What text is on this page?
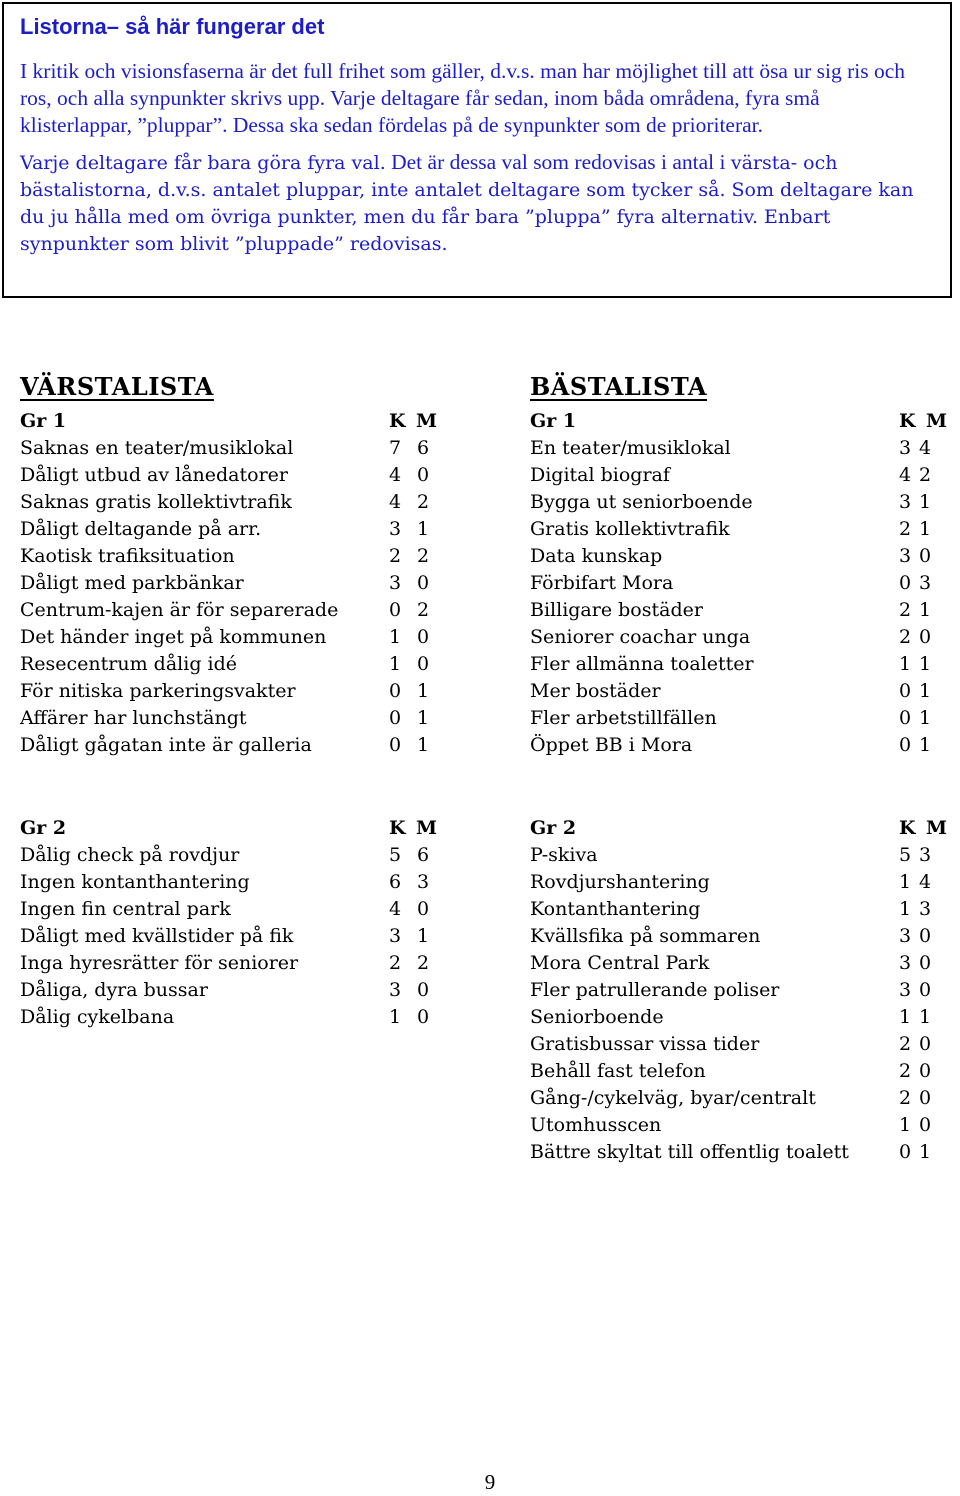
Listorna– så här fungerar det

I kritik och visionsfaserna är det full frihet som gäller, d.v.s. man har möjlighet till att ösa ur sig ris och ros, och alla synpunkter skrivs upp. Varje deltagare får sedan, inom båda områdena, fyra små klisterlappar, ”pluppar”. Dessa ska sedan fördelas på de synpunkter som de prioriterar.

Varje deltagare får bara göra fyra val. Det är dessa val som redovisas i antal i värsta- och bästalistorna, d.v.s. antalet pluppar, inte antalet deltagare som tycker så. Som deltagare kan du ju hålla med om övriga punkter, men du får bara ”pluppa” fyra alternativ. Enbart synpunkter som blivit ”pluppade” redovisas.

VÄRSTALISTA	BÄSTALISTA
Gr 1	K M
Saknas en teater/musiklokal	7 6
Dåligt utbud av lånedatorer	4 0
Saknas gratis kollektivtrafik	4 2
Dåligt deltagande på arr.	3 1
Kaotisk trafiksituation	2 2
Dåligt med parkbänkar	3 0
Centrum-kajen är för separerade	0 2
Det händer inget på kommunen	1 0
Resecentrum dålig idé	1 0
För nitiska parkeringsvakter	0 1
Affärer har lunchstängt	0 1
Dåligt gågatan inte är galleria	0 1
Gr 1	K M
En teater/musiklokal	3 4
Digital biograf	4 2
Bygga ut seniorboende	3 1
Gratis kollektivtrafik	2 1
Data kunskap	3 0
Förbifart Mora	0 3
Billigare bostäder	2 1
Seniorer coachar unga	2 0
Fler allmänna toaletter	1 1
Mer bostäder	0 1
Fler arbetstillfällen	0 1
Öppet BB i Mora	0 1
Gr 2	K M
Dålig check på rovdjur	5 6
Ingen kontanthantering	6 3
Ingen fin central park	4 0
Dåligt med kvällstider på fik	3 1
Inga hyresrätter för seniorer	2 2
Dåliga, dyra bussar	3 0
Dålig cykelbana	1 0
Gr 2	K M
P-skiva	5 3
Rovdjurshantering	1 4
Kontanthantering	1 3
Kvällsfika på sommaren	3 0
Mora Central Park	3 0
Fler patrullerande poliser	3 0
Seniorboende	1 1
Gratisbussar vissa tider	2 0
Behåll fast telefon	2 0
Gång-/cykelväg, byar/centralt	2 0
Utomhusscen	1 0
Bättre skyltat till offentlig toalett	0 1
9
